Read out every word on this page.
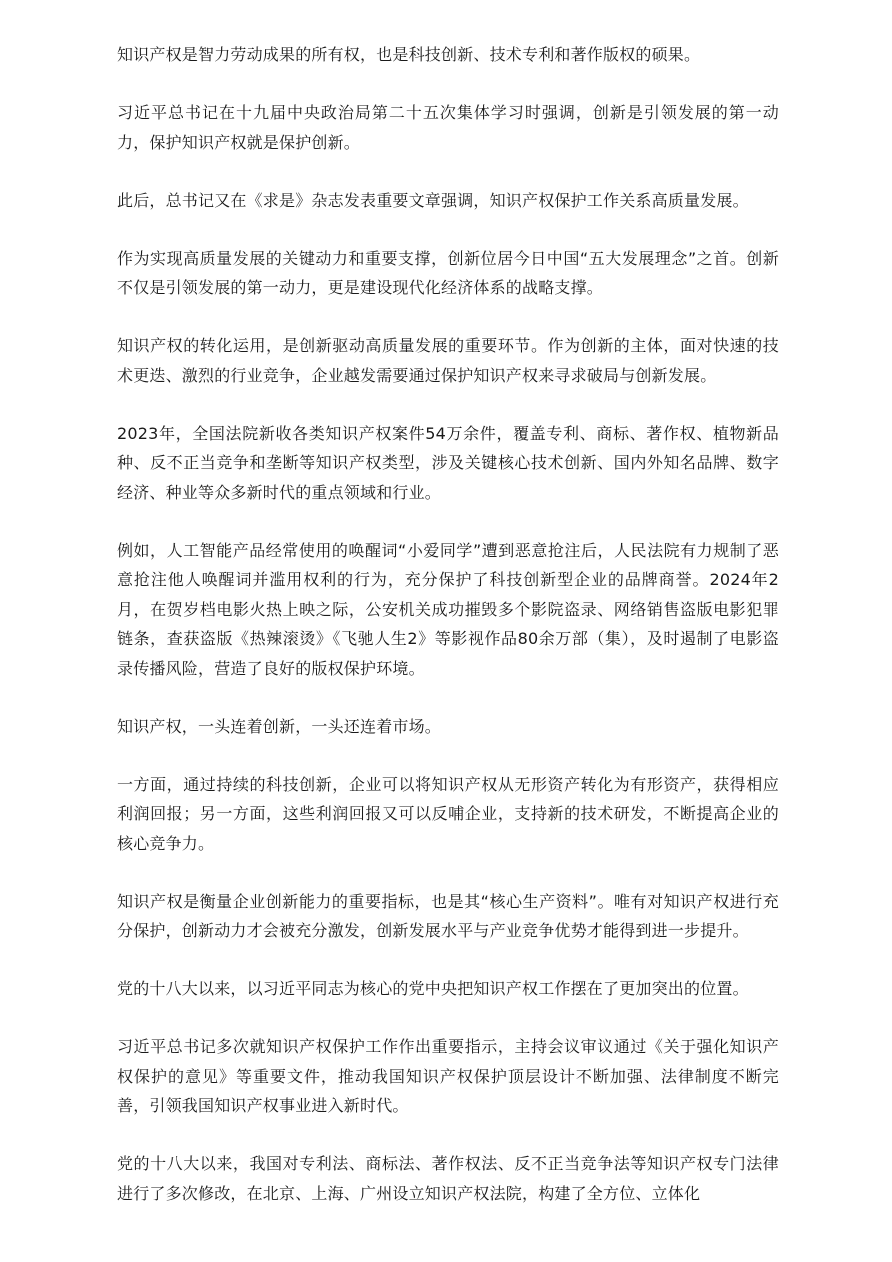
知识产权是智力劳动成果的所有权，也是科技创新、技术专利和著作版权的硕果。

习近平总书记在十九届中央政治局第二十五次集体学习时强调，创新是引领发展的第一动力，保护知识产权就是保护创新。

此后，总书记又在《求是》杂志发表重要文章强调，知识产权保护工作关系高质量发展。

作为实现高质量发展的关键动力和重要支撑，创新位居今日中国“五大发展理念”之首。创新不仅是引领发展的第一动力，更是建设现代化经济体系的战略支撑。

知识产权的转化运用，是创新驱动高质量发展的重要环节。作为创新的主体，面对快速的技术更迭、激烈的行业竞争，企业越发需要通过保护知识产权来寻求破局与创新发展。

2023年，全国法院新收各类知识产权案件54万余件，覆盖专利、商标、著作权、植物新品种、反不正当竞争和垄断等知识产权类型，涉及关键核心技术创新、国内外知名品牌、数字经济、种业等众多新时代的重点领域和行业。

例如，人工智能产品经常使用的唤醒词“小爱同学”遭到恶意抢注后，人民法院有力规制了恶意抢注他人唤醒词并滥用权利的行为，充分保护了科技创新型企业的品牌商誉。2024年2月，在贺岁档电影火热上映之际，公安机关成功摧毁多个影院盗录、网络销售盗版电影犯罪链条，查获盗版《热辣滚烫》《飞驰人生2》等影视作品80余万部（集），及时遏制了电影盗录传播风险，营造了良好的版权保护环境。

知识产权，一头连着创新，一头还连着市场。

一方面，通过持续的科技创新，企业可以将知识产权从无形资产转化为有形资产，获得相应利润回报；另一方面，这些利润回报又可以反哺企业，支持新的技术研发，不断提高企业的核心竞争力。

知识产权是衡量企业创新能力的重要指标，也是其“核心生产资料”。唯有对知识产权进行充分保护，创新动力才会被充分激发，创新发展水平与产业竞争优势才能得到进一步提升。

党的十八大以来，以习近平同志为核心的党中央把知识产权工作摆在了更加突出的位置。

习近平总书记多次就知识产权保护工作作出重要指示，主持会议审议通过《关于强化知识产权保护的意见》等重要文件，推动我国知识产权保护顶层设计不断加强、法律制度不断完善，引领我国知识产权事业进入新时代。

党的十八大以来，我国对专利法、商标法、著作权法、反不正当竞争法等知识产权专门法律进行了多次修改，在北京、上海、广州设立知识产权法院，构建了全方位、立体化
